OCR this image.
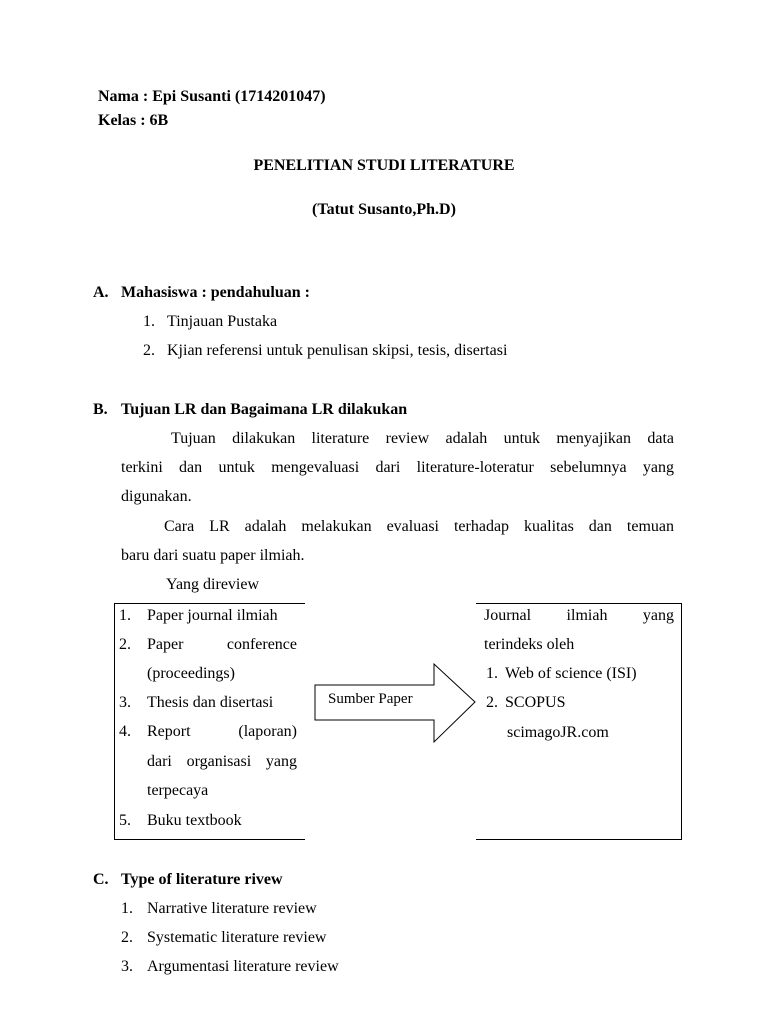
Nama : Epi Susanti (1714201047)
Kelas : 6B
PENELITIAN STUDI LITERATURE
(Tatut Susanto,Ph.D)
A. Mahasiswa : pendahuluan :
1. Tinjauan Pustaka
2. Kjian referensi untuk penulisan skipsi, tesis, disertasi
B. Tujuan LR dan Bagaimana LR dilakukan
Tujuan dilakukan literature review adalah untuk menyajikan data
terkini dan untuk mengevaluasi dari literature-loteratur sebelumnya yang
digunakan.
Cara LR adalah melakukan evaluasi terhadap kualitas dan temuan
baru dari suatu paper ilmiah.
Yang direview
1. Paper journal ilmiah
2. Paper conference
(proceedings)
3. Thesis dan disertasi
4. Report (laporan)
dari organisasi yang
terpecaya
5. Buku textbook
Sumber Paper
Journal ilmiah yang
terindeks oleh
1. Web of science (ISI)
2. SCOPUS
scimagoJR.com
C. Type of literature rivew
1. Narrative literature review
2. Systematic literature review
3. Argumentasi literature review
